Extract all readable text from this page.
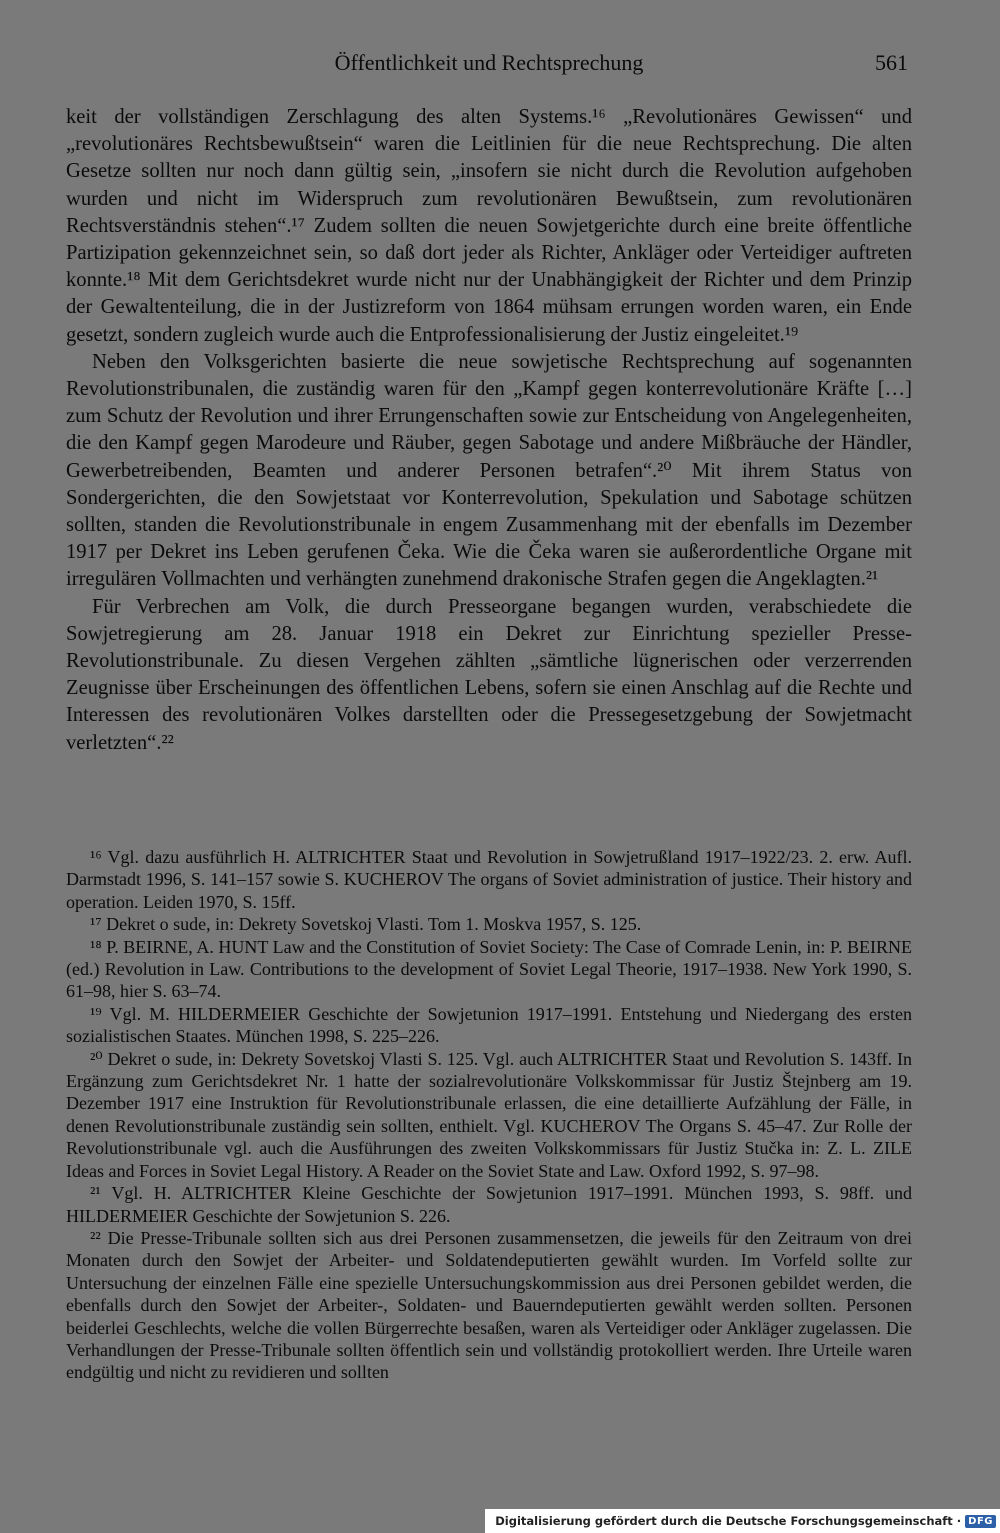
Öffentlichkeit und Rechtsprechung	561

keit der vollständigen Zerschlagung des alten Systems.¹⁶ „Revolutionäres Gewissen“ und „revolutionäres Rechtsbewußtsein“ waren die Leitlinien für die neue Rechtsprechung. Die alten Gesetze sollten nur noch dann gültig sein, „insofern sie nicht durch die Revolution aufgehoben wurden und nicht im Widerspruch zum revolutionären Bewußtsein, zum revolutionären Rechtsverständnis stehen“.¹⁷ Zudem sollten die neuen Sowjetgerichte durch eine breite öffentliche Partizipation gekennzeichnet sein, so daß dort jeder als Richter, Ankläger oder Verteidiger auftreten konnte.¹⁸ Mit dem Gerichtsdekret wurde nicht nur der Unabhängigkeit der Richter und dem Prinzip der Gewaltenteilung, die in der Justizreform von 1864 mühsam errungen worden waren, ein Ende gesetzt, sondern zugleich wurde auch die Entprofessionalisierung der Justiz eingeleitet.¹⁹

Neben den Volksgerichten basierte die neue sowjetische Rechtsprechung auf sogenannten Revolutionstribunalen, die zuständig waren für den „Kampf gegen konterrevolutionäre Kräfte […] zum Schutz der Revolution und ihrer Errungenschaften sowie zur Entscheidung von Angelegenheiten, die den Kampf gegen Marodeure und Räuber, gegen Sabotage und andere Mißbräuche der Händler, Gewerbetreibenden, Beamten und anderer Personen betrafen“.²⁰ Mit ihrem Status von Sondergerichten, die den Sowjetstaat vor Konterrevolution, Spekulation und Sabotage schützen sollten, standen die Revolutionstribunale in engem Zusammenhang mit der ebenfalls im Dezember 1917 per Dekret ins Leben gerufenen Čeka. Wie die Čeka waren sie außerordentliche Organe mit irregulären Vollmachten und verhängten zunehmend drakonische Strafen gegen die Angeklagten.²¹

Für Verbrechen am Volk, die durch Presseorgane begangen wurden, verabschiedete die Sowjetregierung am 28. Januar 1918 ein Dekret zur Einrichtung spezieller Presse-Revolutionstribunale. Zu diesen Vergehen zählten „sämtliche lügnerischen oder verzerrenden Zeugnisse über Erscheinungen des öffentlichen Lebens, sofern sie einen Anschlag auf die Rechte und Interessen des revolutionären Volkes darstellten oder die Pressegesetzgebung der Sowjetmacht verletzten“.²²

¹⁶ Vgl. dazu ausführlich H. ALTRICHTER Staat und Revolution in Sowjetrußland 1917–1922/23. 2. erw. Aufl. Darmstadt 1996, S. 141–157 sowie S. KUCHEROV The organs of Soviet administration of justice. Their history and operation. Leiden 1970, S. 15ff.

¹⁷ Dekret o sude, in: Dekrety Sovetskoj Vlasti. Tom 1. Moskva 1957, S. 125.

¹⁸ P. BEIRNE, A. HUNT Law and the Constitution of Soviet Society: The Case of Comrade Lenin, in: P. BEIRNE (ed.) Revolution in Law. Contributions to the development of Soviet Legal Theorie, 1917–1938. New York 1990, S. 61–98, hier S. 63–74.

¹⁹ Vgl. M. HILDERMEIER Geschichte der Sowjetunion 1917–1991. Entstehung und Niedergang des ersten sozialistischen Staates. München 1998, S. 225–226.

²⁰ Dekret o sude, in: Dekrety Sovetskoj Vlasti S. 125. Vgl. auch ALTRICHTER Staat und Revolution S. 143ff. In Ergänzung zum Gerichtsdekret Nr. 1 hatte der sozialrevolutionäre Volkskommissar für Justiz Štejnberg am 19. Dezember 1917 eine Instruktion für Revolutionstribunale erlassen, die eine detaillierte Aufzählung der Fälle, in denen Revolutionstribunale zuständig sein sollten, enthielt. Vgl. KUCHEROV The Organs S. 45–47. Zur Rolle der Revolutionstribunale vgl. auch die Ausführungen des zweiten Volkskommissars für Justiz Stučka in: Z. L. ZILE Ideas and Forces in Soviet Legal History. A Reader on the Soviet State and Law. Oxford 1992, S. 97–98.

²¹ Vgl. H. ALTRICHTER Kleine Geschichte der Sowjetunion 1917–1991. München 1993, S. 98ff. und HILDERMEIER Geschichte der Sowjetunion S. 226.

²² Die Presse-Tribunale sollten sich aus drei Personen zusammensetzen, die jeweils für den Zeitraum von drei Monaten durch den Sowjet der Arbeiter- und Soldatendeputierten gewählt wurden. Im Vorfeld sollte zur Untersuchung der einzelnen Fälle eine spezielle Untersuchungskommission aus drei Personen gebildet werden, die ebenfalls durch den Sowjet der Arbeiter-, Soldaten- und Bauerndeputierten gewählt werden sollten. Personen beiderlei Geschlechts, welche die vollen Bürgerrechte besaßen, waren als Verteidiger oder Ankläger zugelassen. Die Verhandlungen der Presse-Tribunale sollten öffentlich sein und vollständig protokolliert werden. Ihre Urteile waren endgültig und nicht zu revidieren und sollten

Digitalisierung gefördert durch die Deutsche Forschungsgemeinschaft · DFG
